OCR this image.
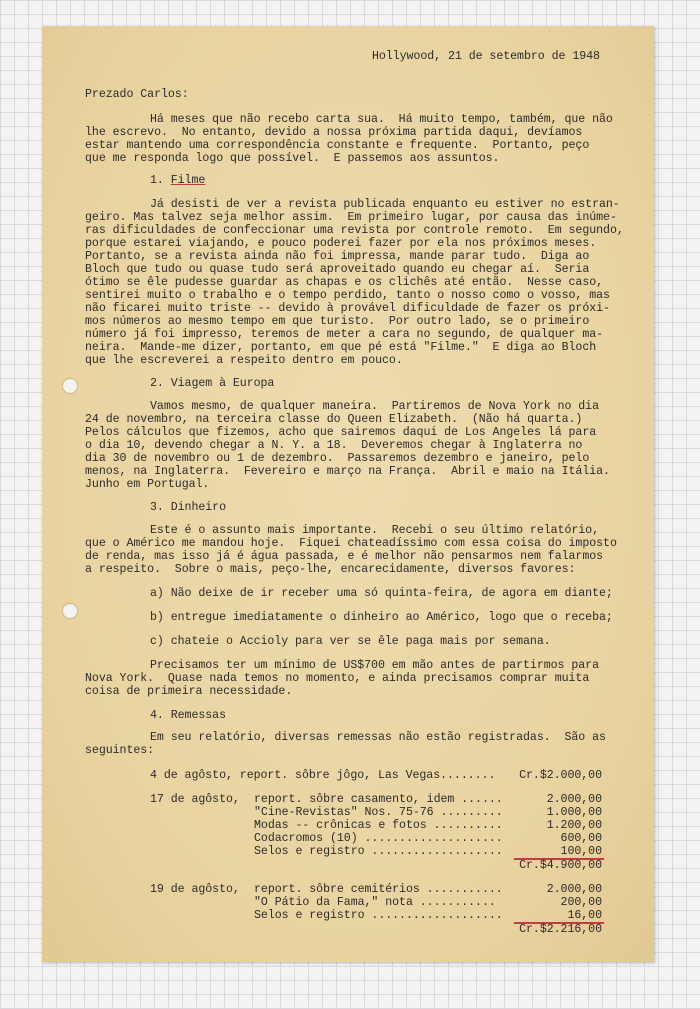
Hollywood, 21 de setembro de 1948
Prezado Carlos:
Há meses que não recebo carta sua.  Há muito tempo, também, que não
lhe escrevo.  No entanto, devido a nossa próxima partida daqui, devíamos
estar mantendo uma correspondência constante e frequente.  Portanto, peço
que me responda logo que possível.  E passemos aos assuntos.
1. Filme
Já desisti de ver a revista publicada enquanto eu estiver no estran-
geiro. Mas talvez seja melhor assim.  Em primeiro lugar, por causa das inúme-
ras dificuldades de confeccionar uma revista por controle remoto.  Em segundo,
porque estarei viajando, e pouco poderei fazer por ela nos próximos meses.
Portanto, se a revista ainda não foi impressa, mande parar tudo.  Diga ao
Bloch que tudo ou quase tudo será aproveitado quando eu chegar aí.  Seria
ótimo se êle pudesse guardar as chapas e os clichês até então.  Nesse caso,
sentirei muito o trabalho e o tempo perdido, tanto o nosso como o vosso, mas
não ficarei muito triste -- devido à provável dificuldade de fazer os próxi-
mos números ao mesmo tempo em que turisto.  Por outro lado, se o primeiro
número já foi impresso, teremos de meter a cara no segundo, de qualquer ma-
neira.  Mande-me dizer, portanto, em que pé está "Filme."  E diga ao Bloch
que lhe escreverei a respeito dentro em pouco.
2. Viagem à Europa
Vamos mesmo, de qualquer maneira.  Partiremos de Nova York no dia
24 de novembro, na terceira classe do Queen Elizabeth.  (Não há quarta.)
Pelos cálculos que fizemos, acho que sairemos daqui de Los Angeles lá para
o dia 10, devendo chegar a N. Y. a 18.  Deveremos chegar à Inglaterra no
dia 30 de novembro ou 1 de dezembro.  Passaremos dezembro e janeiro, pelo
menos, na Inglaterra.  Fevereiro e março na França.  Abril e maio na Itália.
Junho em Portugal.
3. Dinheiro
Este é o assunto mais importante.  Recebi o seu último relatório,
que o Américo me mandou hoje.  Fiquei chateadíssimo com essa coisa do imposto
de renda, mas isso já é água passada, e é melhor não pensarmos nem falarmos
a respeito.  Sobre o mais, peço-lhe, encarecidamente, diversos favores:
a) Não deixe de ir receber uma só quinta-feira, de agora em diante;
b) entregue imediatamente o dinheiro ao Américo, logo que o receba;
c) chateie o Accioly para ver se êle paga mais por semana.
Precisamos ter um mínimo de US$700 em mão antes de partirmos para
Nova York.  Quase nada temos no momento, e ainda precisamos comprar muita
coisa de primeira necessidade.
4. Remessas
Em seu relatório, diversas remessas não estão registradas.  São as
seguintes:
4 de agôsto, report. sôbre jôgo, Las Vegas........ Cr.$2.000,00
17 de agôsto, report. sôbre casamento, idem ......	2.000,00
"Cine-Revistas" Nos. 75-76 .........	1.000,00
Modas -- crônicas e fotos ..........	1.200,00
Codacromos (10) ....................	600,00
Selos e registro ...................	100,00
Cr.$4.900,00
19 de agôsto, report. sôbre cemitérios ...........	2.000,00
"O Pátio da Fama," nota ...........	200,00
Selos e registro ...................	16,00
Cr.$2.216,00
